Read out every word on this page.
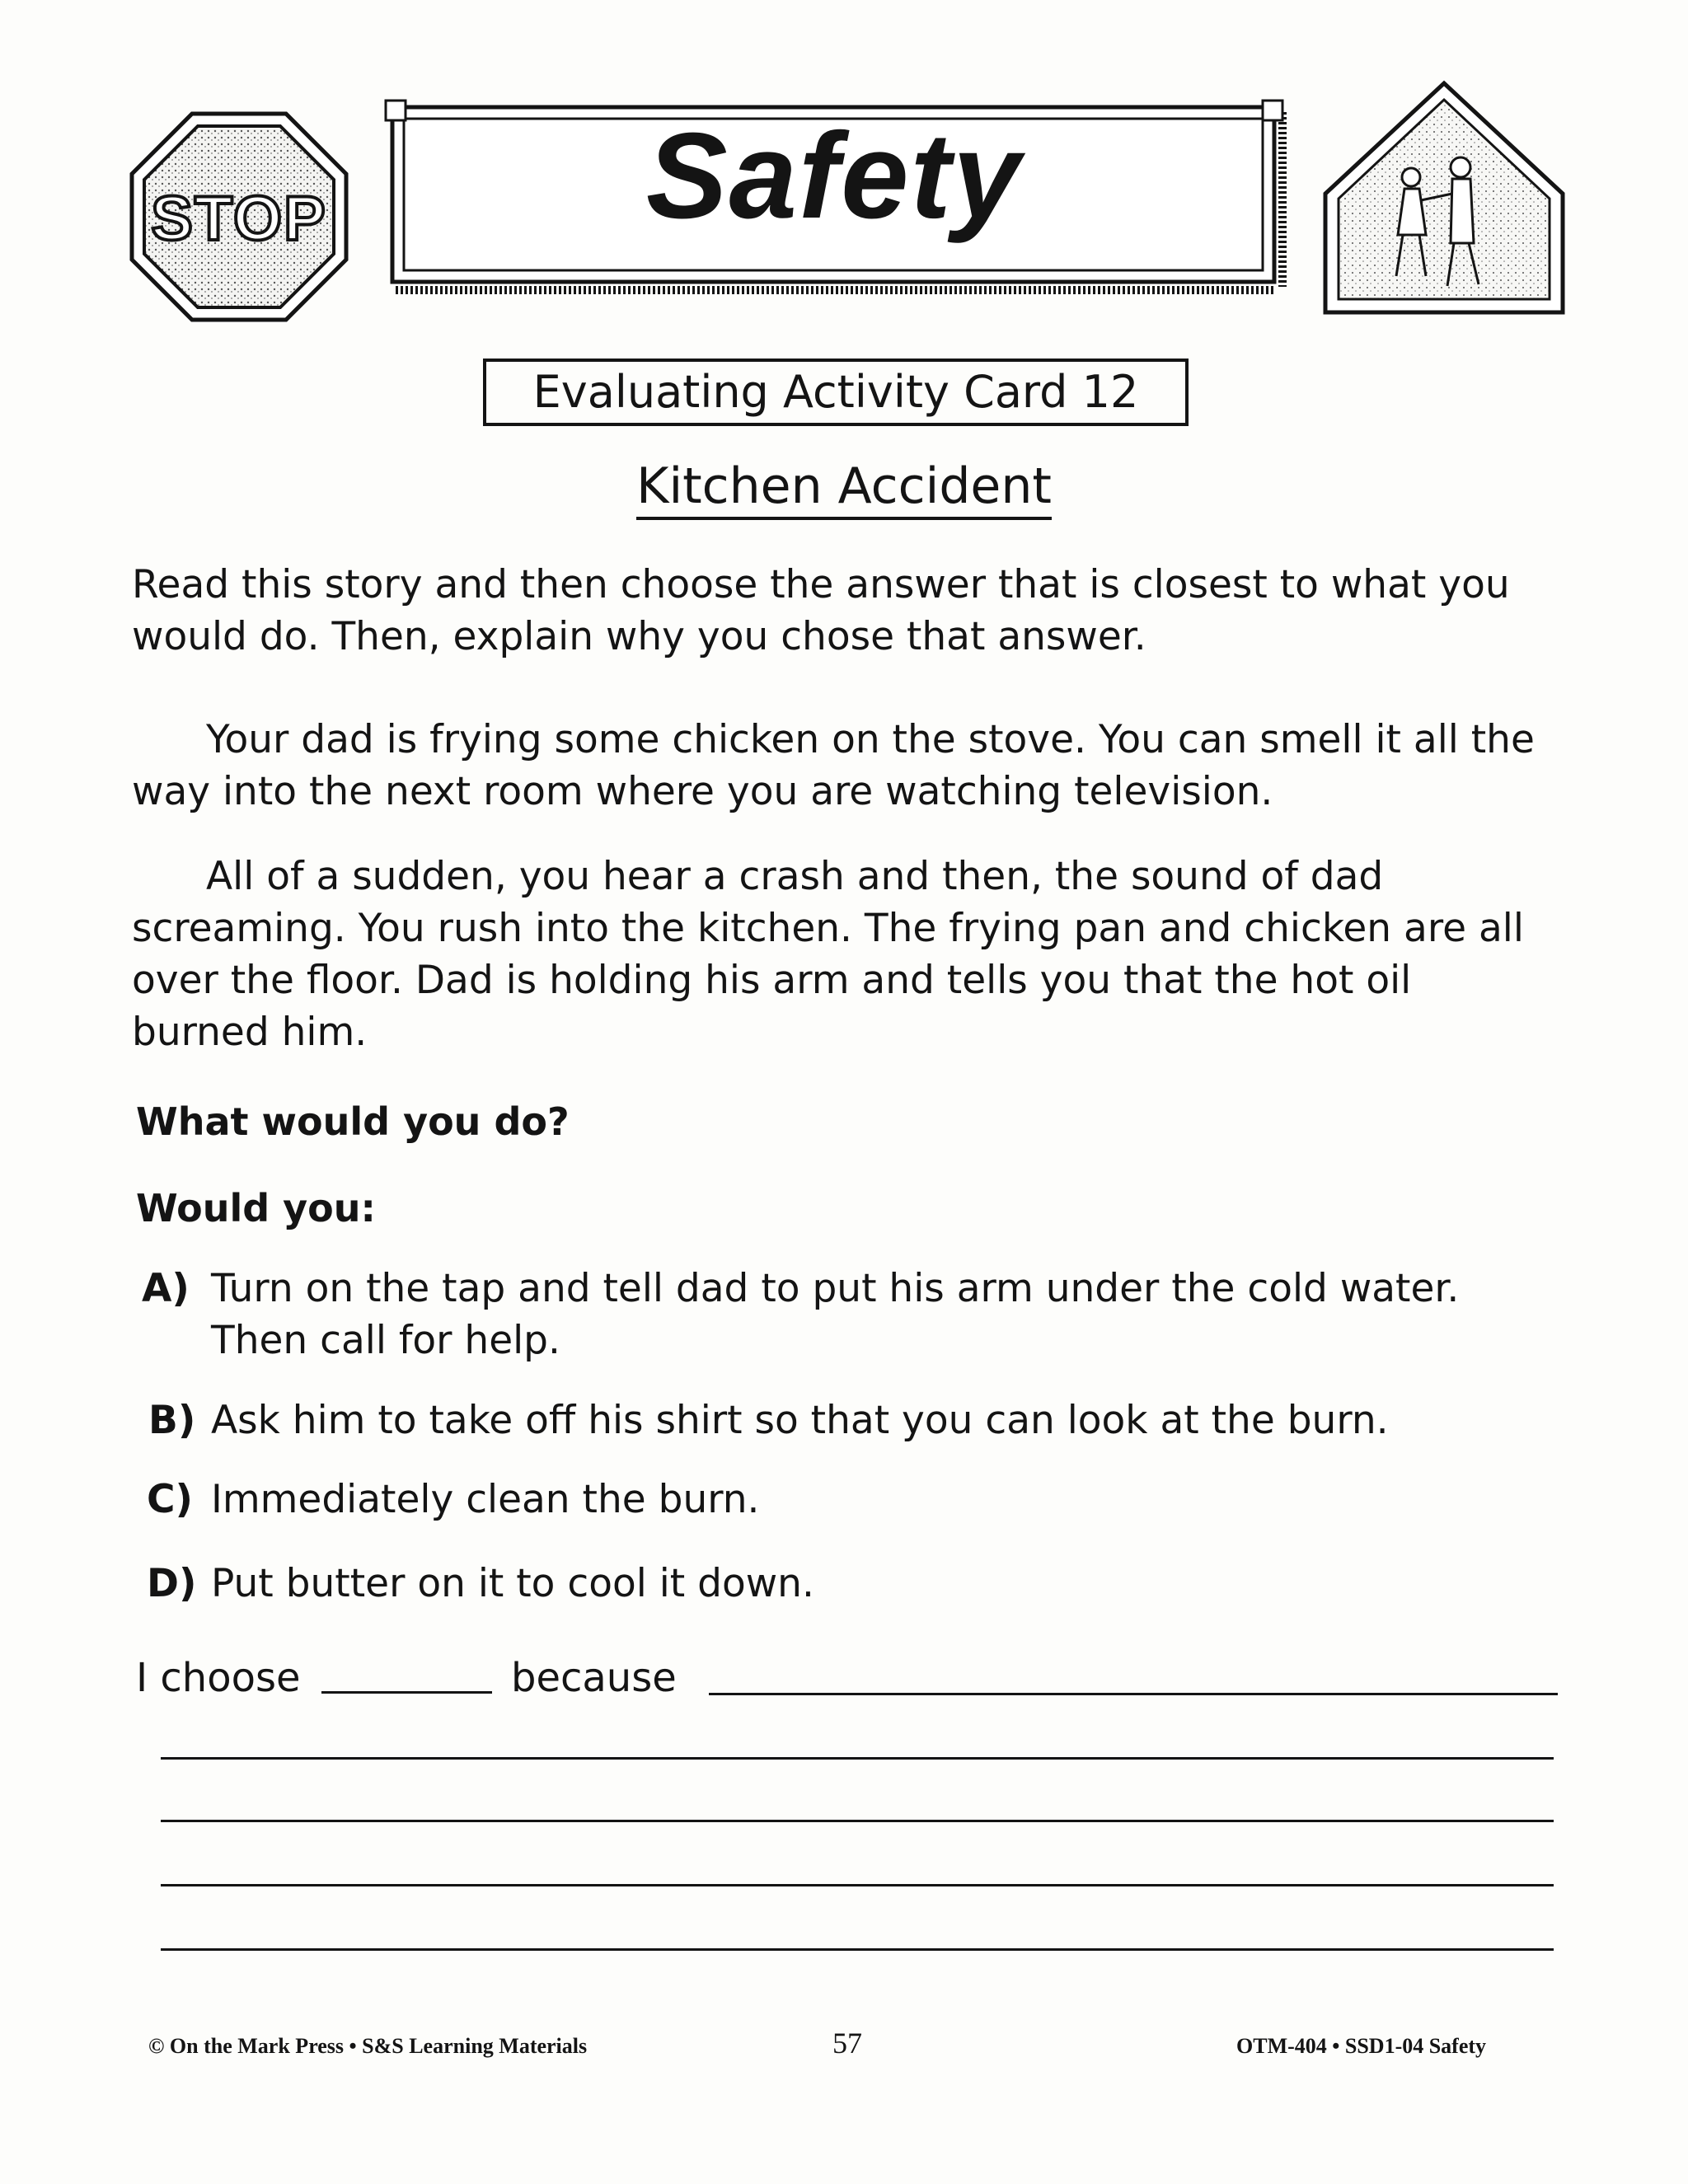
STOP	Safety
Evaluating Activity Card 12
Kitchen Accident
Read this story and then choose the answer that is closest to what you would do. Then, explain why you chose that answer.
Your dad is frying some chicken on the stove. You can smell it all the way into the next room where you are watching television.
All of a sudden, you hear a crash and then, the sound of dad screaming. You rush into the kitchen. The frying pan and chicken are all over the floor. Dad is holding his arm and tells you that the hot oil burned him.
What would you do?
Would you:
A) Turn on the tap and tell dad to put his arm under the cold water. Then call for help.
B) Ask him to take off his shirt so that you can look at the burn.
C) Immediately clean the burn.
D) Put butter on it to cool it down.
I choose	because
© On the Mark Press • S&S Learning Materials	57	OTM-404 • SSD1-04 Safety
